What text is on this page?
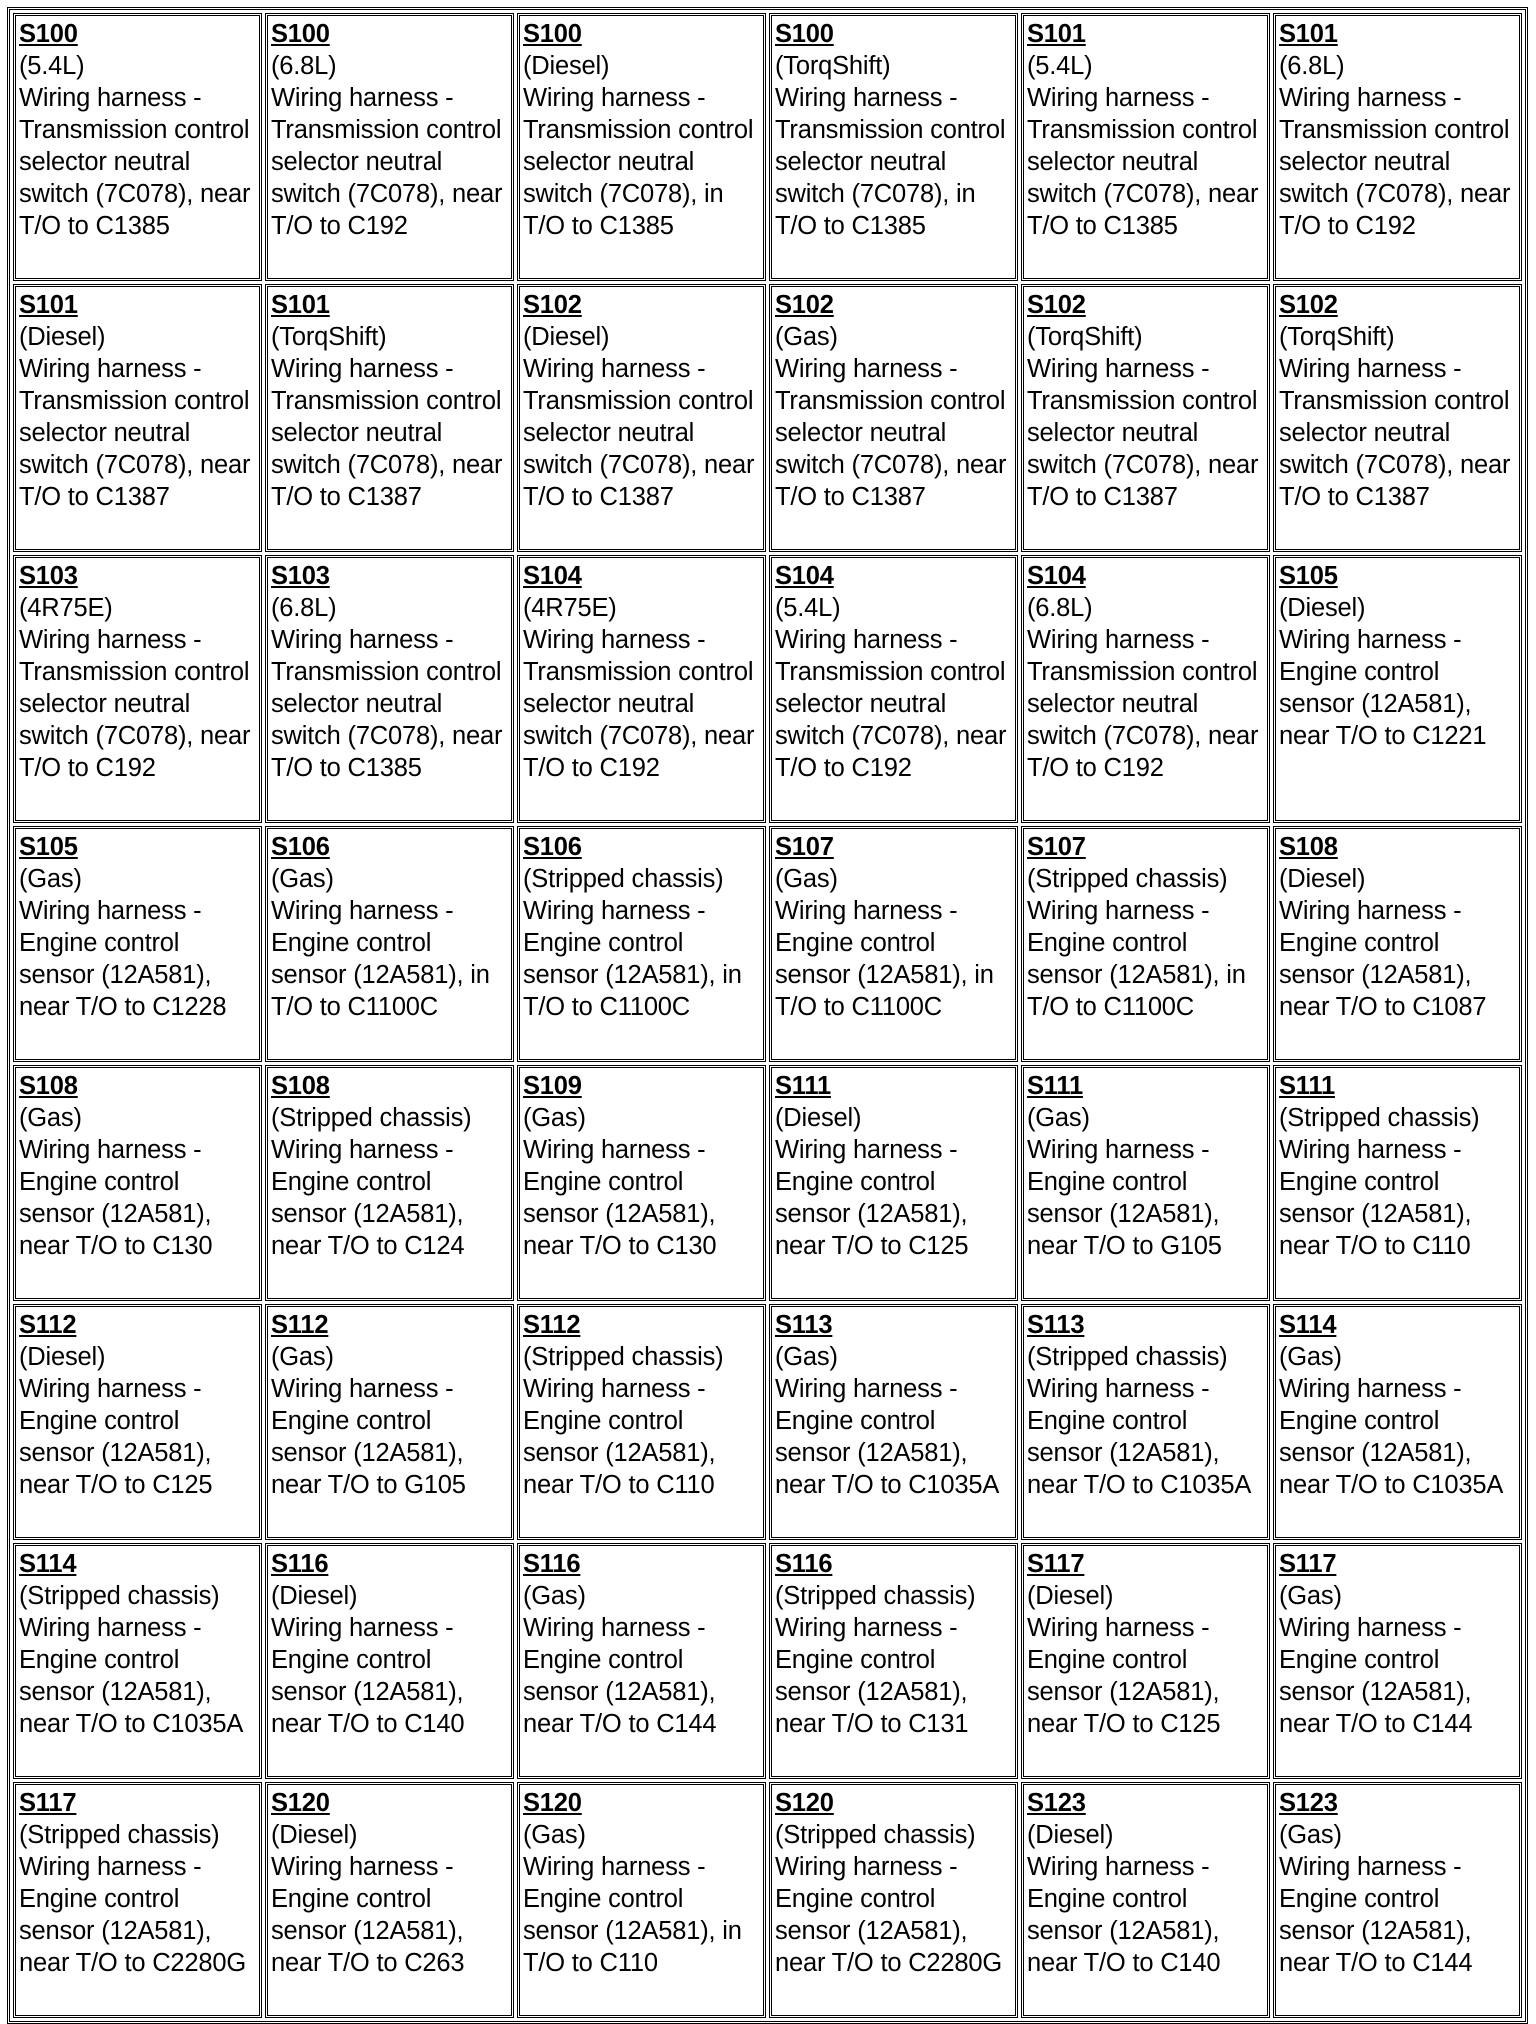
S100
(5.4L)
Wiring harness - Transmission control selector neutral switch (7C078), near T/O to C1385	S100
(6.8L)
Wiring harness - Transmission control selector neutral switch (7C078), near T/O to C192	S100
(Diesel)
Wiring harness - Transmission control selector neutral switch (7C078), in T/O to C1385	S100
(TorqShift)
Wiring harness - Transmission control selector neutral switch (7C078), in T/O to C1385	S101
(5.4L)
Wiring harness - Transmission control selector neutral switch (7C078), near T/O to C1385	S101
(6.8L)
Wiring harness - Transmission control selector neutral switch (7C078), near T/O to C192

S101
(Diesel)
Wiring harness - Transmission control selector neutral switch (7C078), near T/O to C1387	S101
(TorqShift)
Wiring harness - Transmission control selector neutral switch (7C078), near T/O to C1387	S102
(Diesel)
Wiring harness - Transmission control selector neutral switch (7C078), near T/O to C1387	S102
(Gas)
Wiring harness - Transmission control selector neutral switch (7C078), near T/O to C1387	S102
(TorqShift)
Wiring harness - Transmission control selector neutral switch (7C078), near T/O to C1387	S102
(TorqShift)
Wiring harness - Transmission control selector neutral switch (7C078), near T/O to C1387

S103
(4R75E)
Wiring harness - Transmission control selector neutral switch (7C078), near T/O to C192	S103
(6.8L)
Wiring harness - Transmission control selector neutral switch (7C078), near T/O to C1385	S104
(4R75E)
Wiring harness - Transmission control selector neutral switch (7C078), near T/O to C192	S104
(5.4L)
Wiring harness - Transmission control selector neutral switch (7C078), near T/O to C192	S104
(6.8L)
Wiring harness - Transmission control selector neutral switch (7C078), near T/O to C192	S105
(Diesel)
Wiring harness - Engine control sensor (12A581), near T/O to C1221

S105
(Gas)
Wiring harness - Engine control sensor (12A581), near T/O to C1228	S106
(Gas)
Wiring harness - Engine control sensor (12A581), in T/O to C1100C	S106
(Stripped chassis)
Wiring harness - Engine control sensor (12A581), in T/O to C1100C	S107
(Gas)
Wiring harness - Engine control sensor (12A581), in T/O to C1100C	S107
(Stripped chassis)
Wiring harness - Engine control sensor (12A581), in T/O to C1100C	S108
(Diesel)
Wiring harness - Engine control sensor (12A581), near T/O to C1087

S108
(Gas)
Wiring harness - Engine control sensor (12A581), near T/O to C130	S108
(Stripped chassis)
Wiring harness - Engine control sensor (12A581), near T/O to C124	S109
(Gas)
Wiring harness - Engine control sensor (12A581), near T/O to C130	S111
(Diesel)
Wiring harness - Engine control sensor (12A581), near T/O to C125	S111
(Gas)
Wiring harness - Engine control sensor (12A581), near T/O to G105	S111
(Stripped chassis)
Wiring harness - Engine control sensor (12A581), near T/O to C110

S112
(Diesel)
Wiring harness - Engine control sensor (12A581), near T/O to C125	S112
(Gas)
Wiring harness - Engine control sensor (12A581), near T/O to G105	S112
(Stripped chassis)
Wiring harness - Engine control sensor (12A581), near T/O to C110	S113
(Gas)
Wiring harness - Engine control sensor (12A581), near T/O to C1035A	S113
(Stripped chassis)
Wiring harness - Engine control sensor (12A581), near T/O to C1035A	S114
(Gas)
Wiring harness - Engine control sensor (12A581), near T/O to C1035A

S114
(Stripped chassis)
Wiring harness - Engine control sensor (12A581), near T/O to C1035A	S116
(Diesel)
Wiring harness - Engine control sensor (12A581), near T/O to C140	S116
(Gas)
Wiring harness - Engine control sensor (12A581), near T/O to C144	S116
(Stripped chassis)
Wiring harness - Engine control sensor (12A581), near T/O to C131	S117
(Diesel)
Wiring harness - Engine control sensor (12A581), near T/O to C125	S117
(Gas)
Wiring harness - Engine control sensor (12A581), near T/O to C144

S117
(Stripped chassis)
Wiring harness - Engine control sensor (12A581), near T/O to C2280G	S120
(Diesel)
Wiring harness - Engine control sensor (12A581), near T/O to C263	S120
(Gas)
Wiring harness - Engine control sensor (12A581), in T/O to C110	S120
(Stripped chassis)
Wiring harness - Engine control sensor (12A581), near T/O to C2280G	S123
(Diesel)
Wiring harness - Engine control sensor (12A581), near T/O to C140	S123
(Gas)
Wiring harness - Engine control sensor (12A581), near T/O to C144
